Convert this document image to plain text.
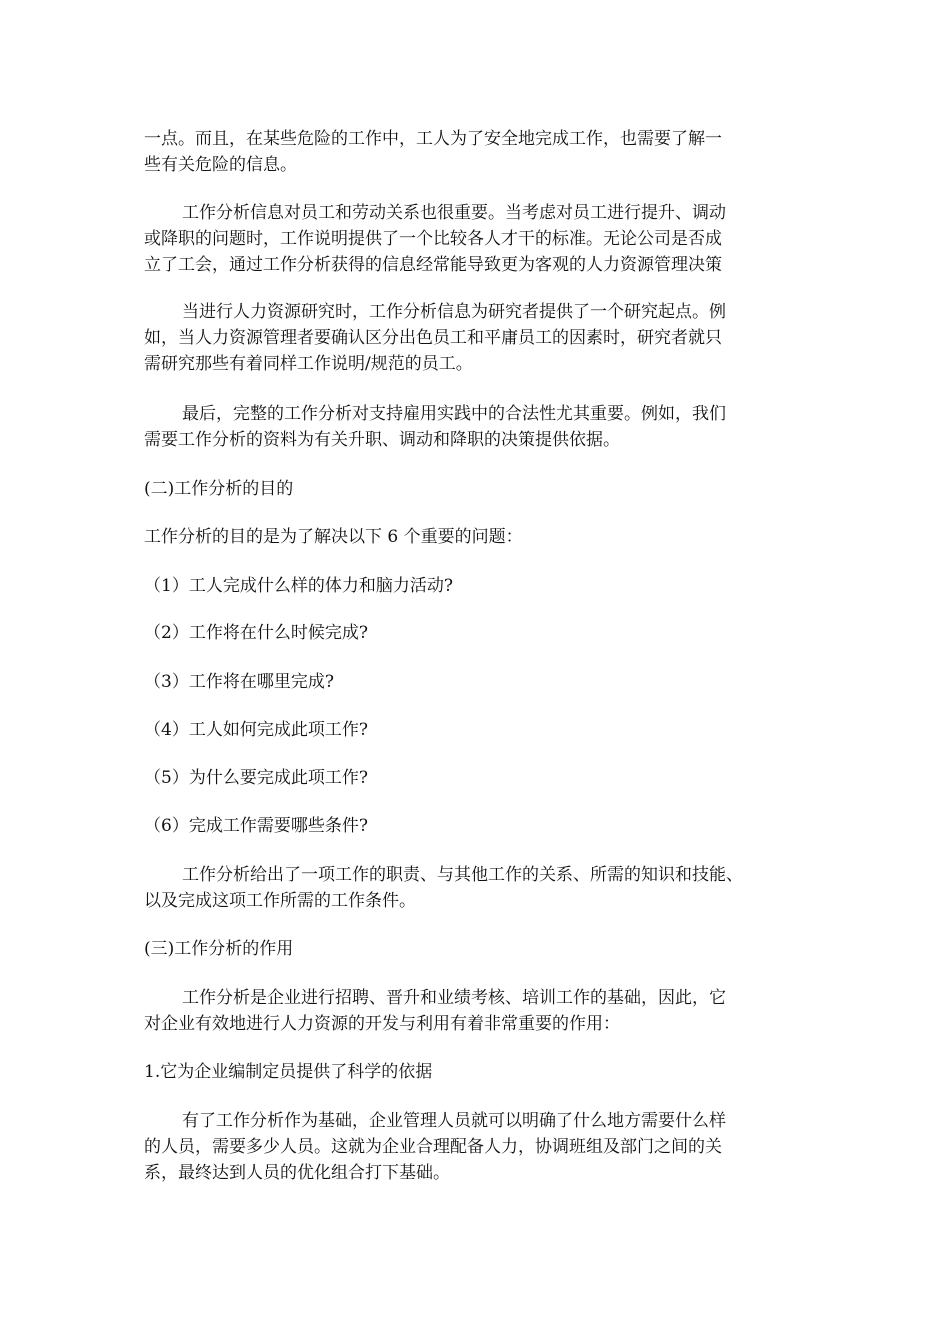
一点。而且，在某些危险的工作中，工人为了安全地完成工作，也需要了解一
些有关危险的信息。
工作分析信息对员工和劳动关系也很重要。当考虑对员工进行提升、调动
或降职的问题时，工作说明提供了一个比较各人才干的标准。无论公司是否成
立了工会，通过工作分析获得的信息经常能导致更为客观的人力资源管理决策
当进行人力资源研究时，工作分析信息为研究者提供了一个研究起点。例
如，当人力资源管理者要确认区分出色员工和平庸员工的因素时，研究者就只
需研究那些有着同样工作说明/规范的员工。
最后，完整的工作分析对支持雇用实践中的合法性尤其重要。例如，我们
需要工作分析的资料为有关升职、调动和降职的决策提供依据。
(二)工作分析的目的
工作分析的目的是为了解决以下 6 个重要的问题：
（1）工人完成什么样的体力和脑力活动?
（2）工作将在什么时候完成?
（3）工作将在哪里完成?
（4）工人如何完成此项工作?
（5）为什么要完成此项工作?
（6）完成工作需要哪些条件?
工作分析给出了一项工作的职责、与其他工作的关系、所需的知识和技能、
以及完成这项工作所需的工作条件。
(三)工作分析的作用
工作分析是企业进行招聘、晋升和业绩考核、培训工作的基础，因此，它
对企业有效地进行人力资源的开发与利用有着非常重要的作用：
1.它为企业编制定员提供了科学的依据
有了工作分析作为基础，企业管理人员就可以明确了什么地方需要什么样
的人员，需要多少人员。这就为企业合理配备人力，协调班组及部门之间的关
系，最终达到人员的优化组合打下基础。
